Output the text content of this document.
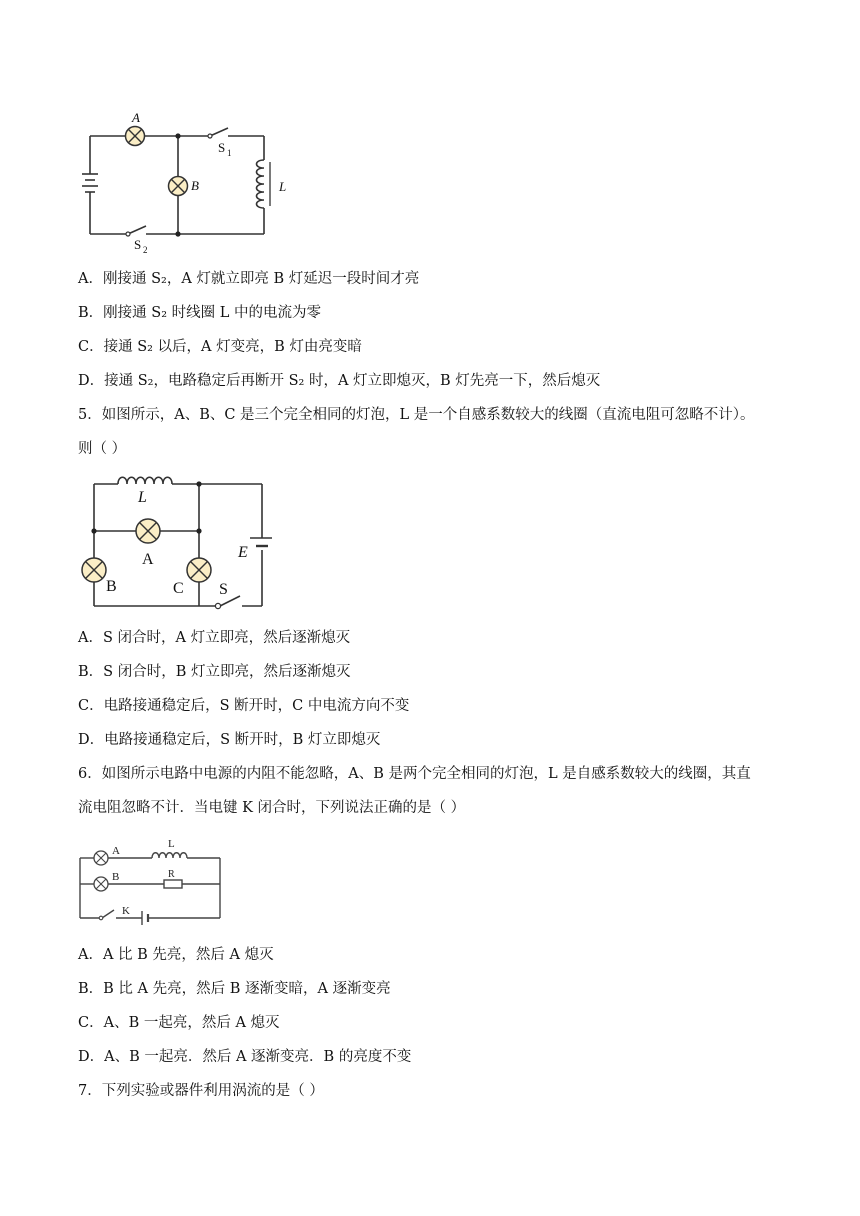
A
B
S 1
S 2
L
A．刚接通 S₂，A 灯就立即亮 B 灯延迟一段时间才亮
B．刚接通 S₂ 时线圈 L 中的电流为零
C．接通 S₂ 以后，A 灯变亮，B 灯由亮变暗
D．接通 S₂，电路稳定后再断开 S₂ 时，A 灯立即熄灭，B 灯先亮一下，然后熄灭
5．如图所示，A、B、C 是三个完全相同的灯泡，L 是一个自感系数较大的线圈（直流电阻可忽略不计）。
则（ ）
L
A
B	C
E
S
A．S 闭合时，A 灯立即亮，然后逐渐熄灭
B．S 闭合时，B 灯立即亮，然后逐渐熄灭
C．电路接通稳定后，S 断开时，C 中电流方向不变
D．电路接通稳定后，S 断开时，B 灯立即熄灭
6．如图所示电路中电源的内阻不能忽略，A、B 是两个完全相同的灯泡，L 是自感系数较大的线圈，其直
流电阻忽略不计．当电键 K 闭合时，下列说法正确的是（ ）
A
B
L
R
K
A．A 比 B 先亮，然后 A 熄灭
B．B 比 A 先亮，然后 B 逐渐变暗，A 逐渐变亮
C．A、B 一起亮，然后 A 熄灭
D．A、B 一起亮．然后 A 逐渐变亮．B 的亮度不变
7．下列实验或器件利用涡流的是（ ）
